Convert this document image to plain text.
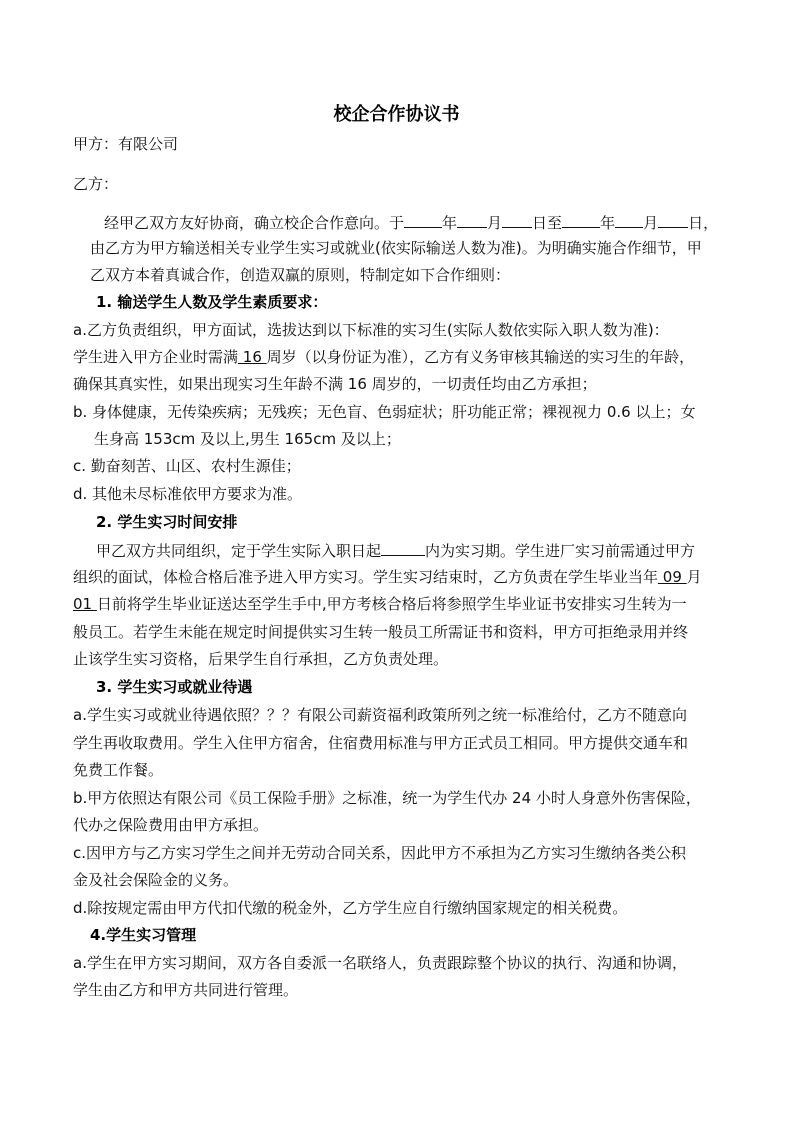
校企合作协议书
甲方：有限公司
乙方：
经甲乙双方友好协商，确立校企合作意向。于	年 月 日至	年 月 日，
由乙方为甲方输送相关专业学生实习或就业(依实际输送人数为准)。为明确实施合作细节，甲
乙双方本着真诚合作，创造双赢的原则，特制定如下合作细则：
1. 输送学生人数及学生素质要求：
a.乙方负责组织，甲方面试，选拔达到以下标准的实习生(实际人数依实际入职人数为准)：
学生进入甲方企业时需满 16 周岁（以身份证为准），乙方有义务审核其输送的实习生的年龄，
确保其真实性，如果出现实习生年龄不满 16 周岁的，一切责任均由乙方承担；
b. 身体健康，无传染疾病；无残疾；无色盲、色弱症状；肝功能正常；裸视视力 0.6 以上；女
生身高 153cm 及以上,男生 165cm 及以上；
c. 勤奋刻苦、山区、农村生源佳；
d. 其他未尽标准依甲方要求为准。
2. 学生实习时间安排
甲乙双方共同组织，定于学生实际入职日起	内为实习期。学生进厂实习前需通过甲方
组织的面试，体检合格后准予进入甲方实习。学生实习结束时，乙方负责在学生毕业当年 09 月
01 日前将学生毕业证送达至学生手中,甲方考核合格后将参照学生毕业证书安排实习生转为一
般员工。若学生未能在规定时间提供实习生转一般员工所需证书和资料，甲方可拒绝录用并终
止该学生实习资格，后果学生自行承担，乙方负责处理。
3. 学生实习或就业待遇
a.学生实习或就业待遇依照？？？有限公司薪资福利政策所列之统一标准给付，乙方不随意向
学生再收取费用。学生入住甲方宿舍，住宿费用标准与甲方正式员工相同。甲方提供交通车和
免费工作餐。
b.甲方依照达有限公司《员工保险手册》之标准，统一为学生代办 24 小时人身意外伤害保险，
代办之保险费用由甲方承担。
c.因甲方与乙方实习学生之间并无劳动合同关系，因此甲方不承担为乙方实习生缴纳各类公积
金及社会保险金的义务。
d.除按规定需由甲方代扣代缴的税金外，乙方学生应自行缴纳国家规定的相关税费。
4.学生实习管理
a.学生在甲方实习期间，双方各自委派一名联络人，负责跟踪整个协议的执行、沟通和协调，
学生由乙方和甲方共同进行管理。
